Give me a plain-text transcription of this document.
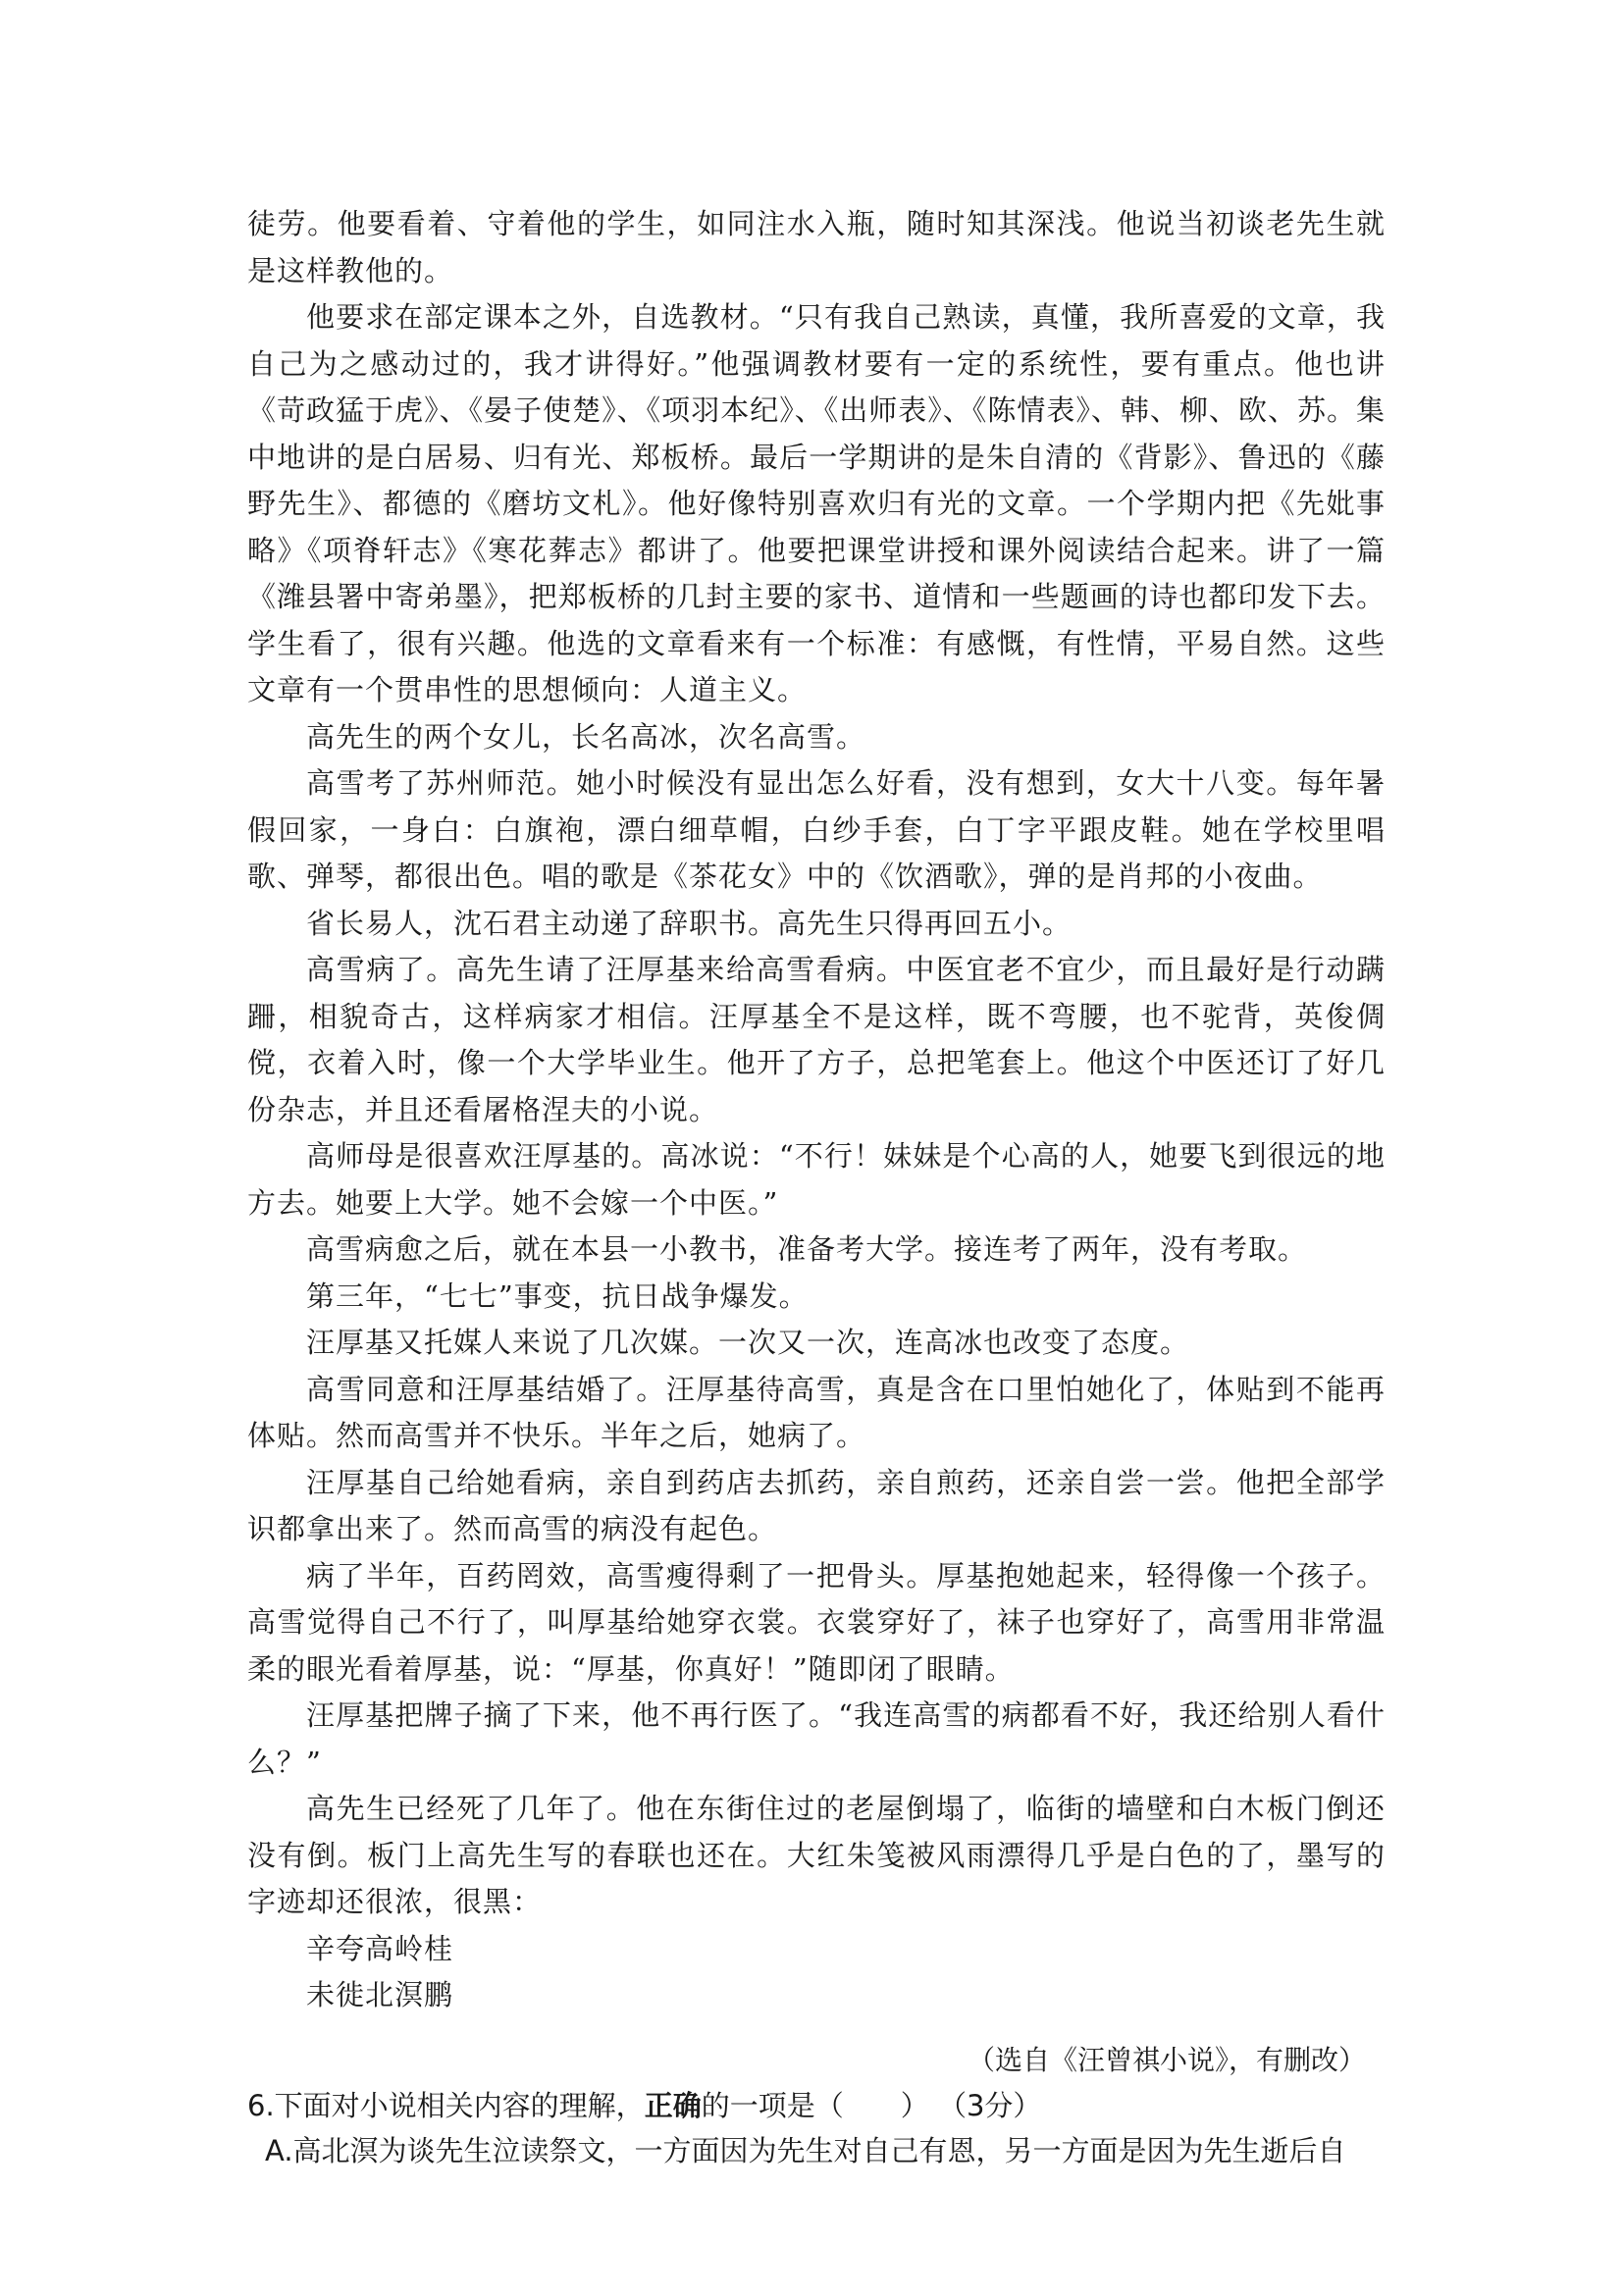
徒劳。他要看着、守着他的学生，如同注水入瓶，随时知其深浅。他说当初谈老先生就是这样教他的。

他要求在部定课本之外，自选教材。“只有我自己熟读，真懂，我所喜爱的文章，我自己为之感动过的，我才讲得好。”他强调教材要有一定的系统性，要有重点。他也讲《苛政猛于虎》、《晏子使楚》、《项羽本纪》、《出师表》、《陈情表》、韩、柳、欧、苏。集中地讲的是白居易、归有光、郑板桥。最后一学期讲的是朱自清的《背影》、鲁迅的《藤野先生》、都德的《磨坊文札》。他好像特别喜欢归有光的文章。一个学期内把《先妣事略》《项脊轩志》《寒花葬志》都讲了。他要把课堂讲授和课外阅读结合起来。讲了一篇《潍县署中寄弟墨》，把郑板桥的几封主要的家书、道情和一些题画的诗也都印发下去。学生看了，很有兴趣。他选的文章看来有一个标准：有感慨，有性情，平易自然。这些文章有一个贯串性的思想倾向：人道主义。

高先生的两个女儿，长名高冰，次名高雪。

高雪考了苏州师范。她小时候没有显出怎么好看，没有想到，女大十八变。每年暑假回家，一身白：白旗袍，漂白细草帽，白纱手套，白丁字平跟皮鞋。她在学校里唱歌、弹琴，都很出色。唱的歌是《茶花女》中的《饮酒歌》，弹的是肖邦的小夜曲。

省长易人，沈石君主动递了辞职书。高先生只得再回五小。

高雪病了。高先生请了汪厚基来给高雪看病。中医宜老不宜少，而且最好是行动蹒跚，相貌奇古，这样病家才相信。汪厚基全不是这样，既不弯腰，也不驼背，英俊倜傥，衣着入时，像一个大学毕业生。他开了方子，总把笔套上。他这个中医还订了好几份杂志，并且还看屠格涅夫的小说。

高师母是很喜欢汪厚基的。高冰说：“不行！妹妹是个心高的人，她要飞到很远的地方去。她要上大学。她不会嫁一个中医。”

高雪病愈之后，就在本县一小教书，准备考大学。接连考了两年，没有考取。

第三年，“七七”事变，抗日战争爆发。

汪厚基又托媒人来说了几次媒。一次又一次，连高冰也改变了态度。

高雪同意和汪厚基结婚了。汪厚基待高雪，真是含在口里怕她化了，体贴到不能再体贴。然而高雪并不快乐。半年之后，她病了。

汪厚基自己给她看病，亲自到药店去抓药，亲自煎药，还亲自尝一尝。他把全部学识都拿出来了。然而高雪的病没有起色。

病了半年，百药罔效，高雪瘦得剩了一把骨头。厚基抱她起来，轻得像一个孩子。高雪觉得自己不行了，叫厚基给她穿衣裳。衣裳穿好了，袜子也穿好了，高雪用非常温柔的眼光看着厚基，说：“厚基，你真好！”随即闭了眼睛。

汪厚基把牌子摘了下来，他不再行医了。“我连高雪的病都看不好，我还给别人看什么？”

高先生已经死了几年了。他在东街住过的老屋倒塌了，临街的墙壁和白木板门倒还没有倒。板门上高先生写的春联也还在。大红朱笺被风雨漂得几乎是白色的了，墨写的字迹却还很浓，很黑：

辛夸高岭桂

未徙北溟鹏

（选自《汪曾祺小说》，有删改）

6.下面对小说相关内容的理解，正确的一项是（ ） （3分）

A.高北溟为谈先生泣读祭文，一方面因为先生对自己有恩，另一方面是因为先生逝后自
